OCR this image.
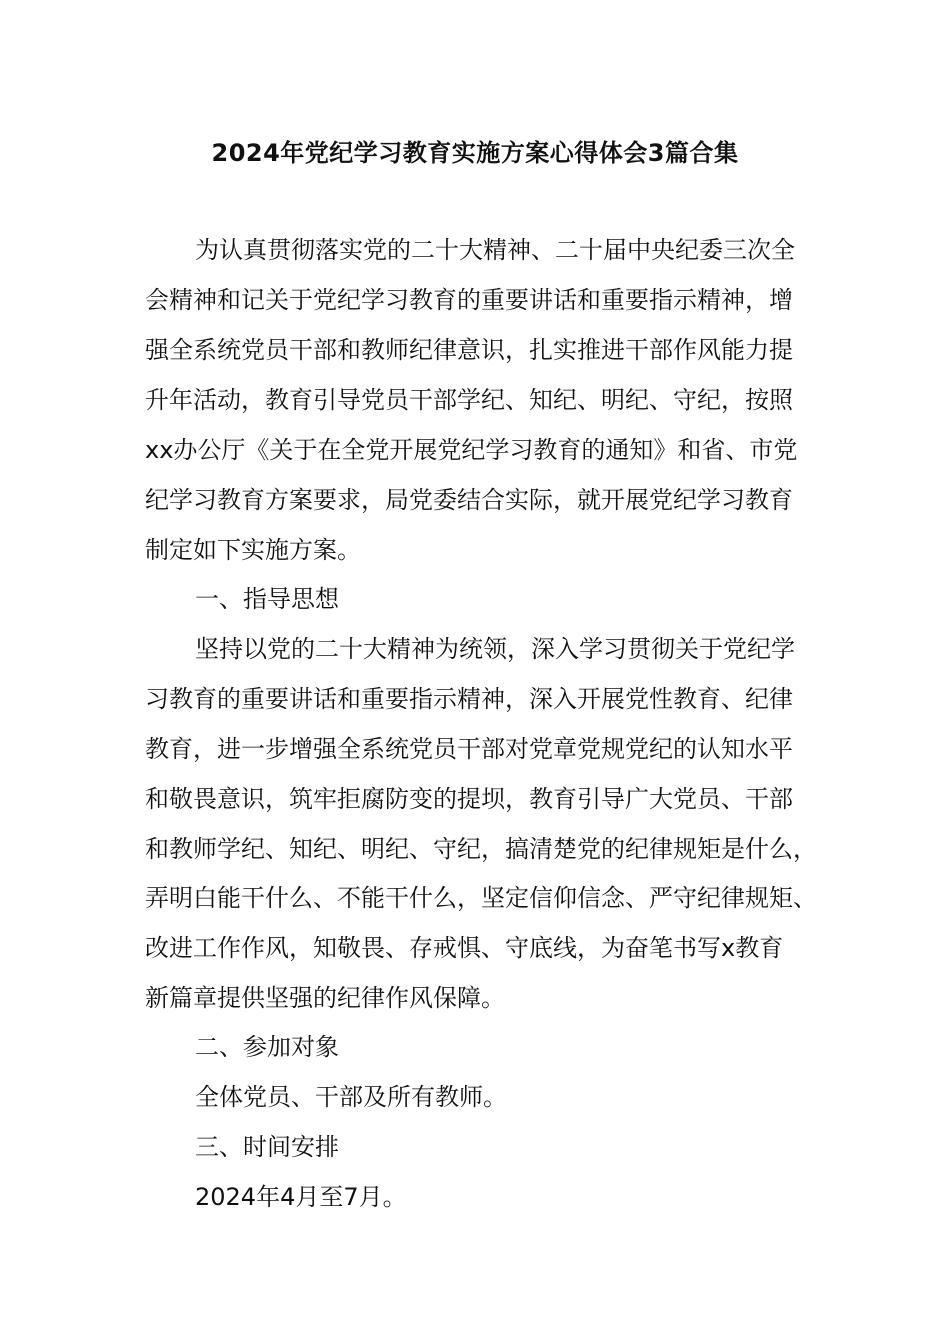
2024年党纪学习教育实施方案心得体会3篇合集

为认真贯彻落实党的二十大精神、二十届中央纪委三次全

会精神和记关于党纪学习教育的重要讲话和重要指示精神，增

强全系统党员干部和教师纪律意识，扎实推进干部作风能力提

升年活动，教育引导党员干部学纪、知纪、明纪、守纪，按照

xx办公厅《关于在全党开展党纪学习教育的通知》和省、市党

纪学习教育方案要求，局党委结合实际，就开展党纪学习教育

制定如下实施方案。

一、指导思想

坚持以党的二十大精神为统领，深入学习贯彻关于党纪学

习教育的重要讲话和重要指示精神，深入开展党性教育、纪律

教育，进一步增强全系统党员干部对党章党规党纪的认知水平

和敬畏意识，筑牢拒腐防变的提坝，教育引导广大党员、干部

和教师学纪、知纪、明纪、守纪，搞清楚党的纪律规矩是什么，

弄明白能干什么、不能干什么，坚定信仰信念、严守纪律规矩、

改进工作作风，知敬畏、存戒惧、守底线，为奋笔书写x教育

新篇章提供坚强的纪律作风保障。

二、参加对象

全体党员、干部及所有教师。

三、时间安排

2024年4月至7月。
